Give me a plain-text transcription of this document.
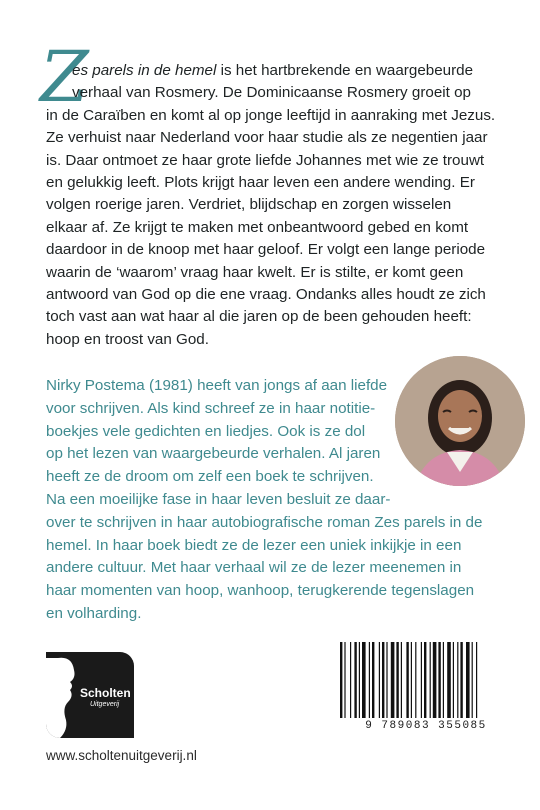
Z

es parels in de hemel is het hartbrekende en waargebeurde
verhaal van Rosmery. De Dominicaanse Rosmery groeit op
in de Caraïben en komt al op jonge leeftijd in aanraking met Jezus.
Ze verhuist naar Nederland voor haar studie als ze negentien jaar
is. Daar ontmoet ze haar grote liefde Johannes met wie ze trouwt
en gelukkig leeft. Plots krijgt haar leven een andere wending. Er
volgen roerige jaren. Verdriet, blijdschap en zorgen wisselen
elkaar af. Ze krijgt te maken met onbeantwoord gebed en komt
daardoor in de knoop met haar geloof. Er volgt een lange periode
waarin de ‘waarom’ vraag haar kwelt. Er is stilte, er komt geen
antwoord van God op die ene vraag. Ondanks alles houdt ze zich
toch vast aan wat haar al die jaren op de been gehouden heeft:
hoop en troost van God.

Nirky Postema (1981) heeft van jongs af aan liefde
voor schrijven. Als kind schreef ze in haar notitie-
boekjes vele gedichten en liedjes. Ook is ze dol
op het lezen van waargebeurde verhalen. Al jaren
heeft ze de droom om zelf een boek te schrijven.
Na een moeilijke fase in haar leven besluit ze daar-
over te schrijven in haar autobiografische roman Zes parels in de
hemel. In haar boek biedt ze de lezer een uniek inkijkje in een
andere cultuur. Met haar verhaal wil ze de lezer meenemen in
haar momenten van hoop, wanhoop, terugkerende tegenslagen
en volharding.
Scholten
Uitgeverij
www.scholtenuitgeverij.nl
9 789083 355085
